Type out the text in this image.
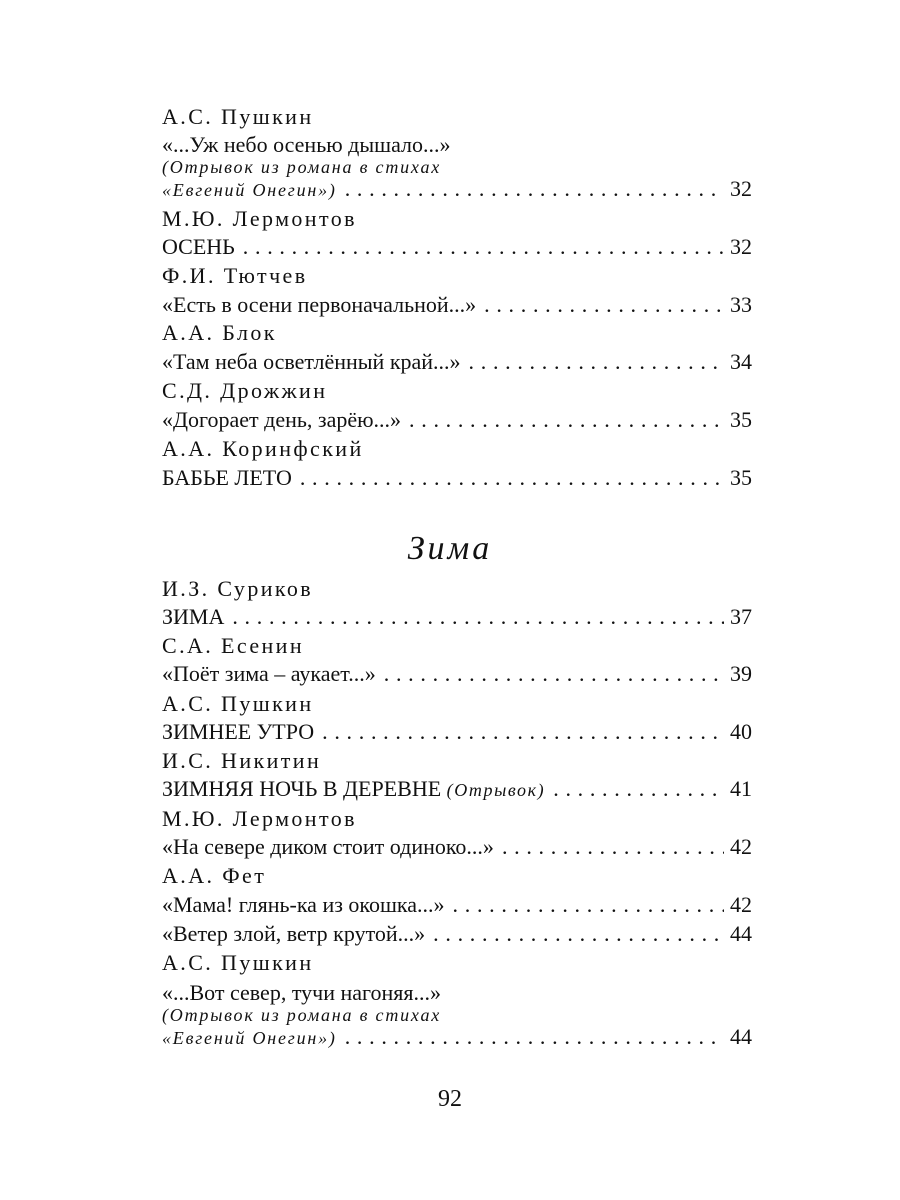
А.С. Пушкин
«...Уж небо осенью дышало...»
(Отрывок из романа в стихах
«Евгений Онегин») . . .	32
М.Ю. Лермонтов
ОСЕНЬ . . .	32
Ф.И. Тютчев
«Есть в осени первоначальной...» . . .	33
А.А. Блок
«Там неба осветлённый край...» . . .	34
С.Д. Дрожжин
«Догорает день, зарёю...» . . .	35
А.А. Коринфский
БАБЬЕ ЛЕТО . . .	35
Зима
И.З. Суриков
ЗИМА . . .	37
С.А. Есенин
«Поёт зима – аукает...» . . .	39
А.С. Пушкин
ЗИМНЕЕ УТРО . . .	40
И.С. Никитин
ЗИМНЯЯ НОЧЬ В ДЕРЕВНЕ (Отрывок) . . .	41
М.Ю. Лермонтов
«На севере диком стоит одиноко...» . . .	42
А.А. Фет
«Мама! глянь-ка из окошка...» . . .	42
«Ветер злой, ветр крутой...» . . .	44
А.С. Пушкин
«...Вот север, тучи нагоняя...»
(Отрывок из романа в стихах
«Евгений Онегин») . . .	44
92
